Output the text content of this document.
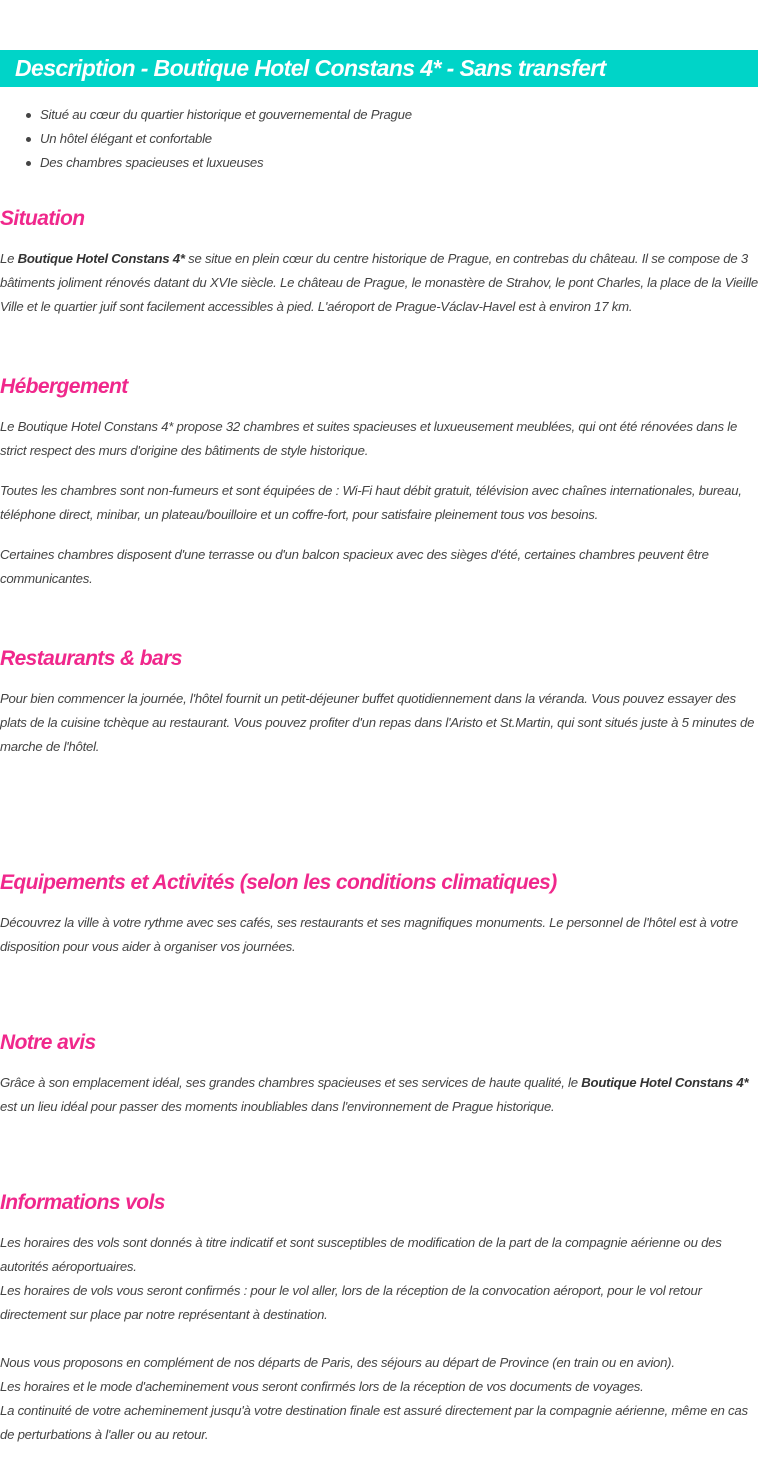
Description - Boutique Hotel Constans 4* - Sans transfert
Situé au cœur du quartier historique et gouvernemental de Prague
Un hôtel élégant et confortable
Des chambres spacieuses et luxueuses
Situation

Le Boutique Hotel Constans 4* se situe en plein cœur du centre historique de Prague, en contrebas du château. Il se compose de 3 bâtiments joliment rénovés datant du XVIe siècle. Le château de Prague, le monastère de Strahov, le pont Charles, la place de la Vieille Ville et le quartier juif sont facilement accessibles à pied. L'aéroport de Prague-Václav-Havel est à environ 17 km.

Hébergement

Le Boutique Hotel Constans 4* propose 32 chambres et suites spacieuses et luxueusement meublées, qui ont été rénovées dans le strict respect des murs d'origine des bâtiments de style historique.

Toutes les chambres sont non-fumeurs et sont équipées de : Wi-Fi haut débit gratuit, télévision avec chaînes internationales, bureau, téléphone direct, minibar, un plateau/bouilloire et un coffre-fort, pour satisfaire pleinement tous vos besoins.

Certaines chambres disposent d'une terrasse ou d'un balcon spacieux avec des sièges d'été, certaines chambres peuvent être communicantes.

Restaurants & bars

Pour bien commencer la journée, l'hôtel fournit un petit-déjeuner buffet quotidiennement dans la véranda. Vous pouvez essayer des plats de la cuisine tchèque au restaurant. Vous pouvez profiter d'un repas dans l'Aristo et St.Martin, qui sont situés juste à 5 minutes de marche de l'hôtel.

Equipements et Activités (selon les conditions climatiques)

Découvrez la ville à votre rythme avec ses cafés, ses restaurants et ses magnifiques monuments. Le personnel de l'hôtel est à votre disposition pour vous aider à organiser vos journées.

Notre avis

Grâce à son emplacement idéal, ses grandes chambres spacieuses et ses services de haute qualité, le Boutique Hotel Constans 4* est un lieu idéal pour passer des moments inoubliables dans l'environnement de Prague historique.

Informations vols

Les horaires des vols sont donnés à titre indicatif et sont susceptibles de modification de la part de la compagnie aérienne ou des autorités aéroportuaires.

Les horaires de vols vous seront confirmés : pour le vol aller, lors de la réception de la convocation aéroport, pour le vol retour directement sur place par notre représentant à destination.

Nous vous proposons en complément de nos départs de Paris, des séjours au départ de Province (en train ou en avion).

Les horaires et le mode d'acheminement vous seront confirmés lors de la réception de vos documents de voyages.

La continuité de votre acheminement jusqu'à votre destination finale est assuré directement par la compagnie aérienne, même en cas de perturbations à l'aller ou au retour.
